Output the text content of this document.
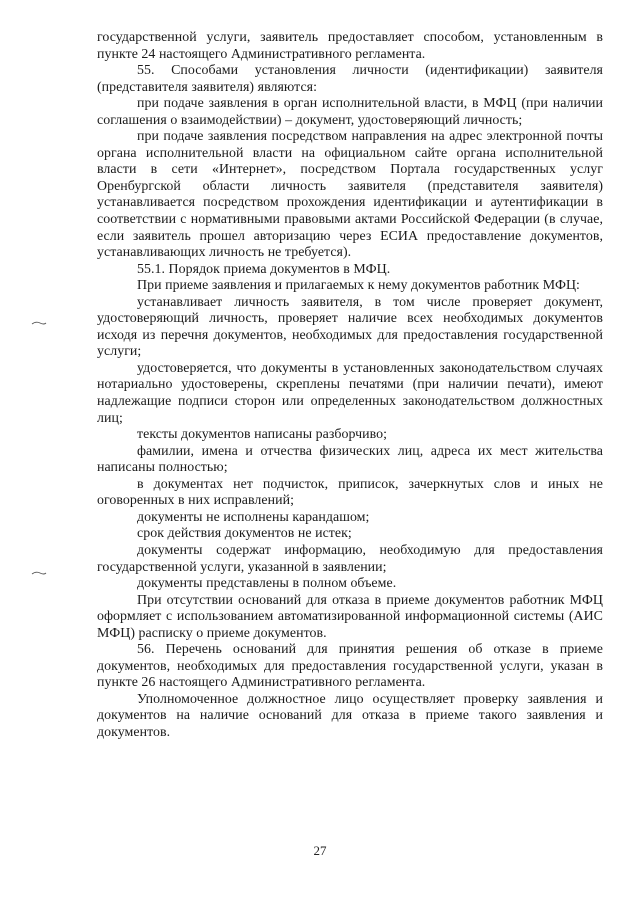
государственной услуги, заявитель предоставляет способом, установленным в пункте 24 настоящего Административного регламента.

55. Способами установления личности (идентификации) заявителя (представителя заявителя) являются:

при подаче заявления в орган исполнительной власти, в МФЦ (при наличии соглашения о взаимодействии) – документ, удостоверяющий личность;

при подаче заявления посредством направления на адрес электронной почты органа исполнительной власти на официальном сайте органа исполнительной власти в сети «Интернет», посредством Портала государственных услуг Оренбургской области личность заявителя (представителя заявителя) устанавливается посредством прохождения идентификации и аутентификации в соответствии с нормативными правовыми актами Российской Федерации (в случае, если заявитель прошел авторизацию через ЕСИА предоставление документов, устанавливающих личность не требуется).

55.1. Порядок приема документов в МФЦ.

При приеме заявления и прилагаемых к нему документов работник МФЦ:

устанавливает личность заявителя, в том числе проверяет документ, удостоверяющий личность, проверяет наличие всех необходимых документов исходя из перечня документов, необходимых для предоставления государственной услуги;

удостоверяется, что документы в установленных законодательством случаях нотариально удостоверены, скреплены печатями (при наличии печати), имеют надлежащие подписи сторон или определенных законодательством должностных лиц;

тексты документов написаны разборчиво;

фамилии, имена и отчества физических лиц, адреса их мест жительства написаны полностью;

в документах нет подчисток, приписок, зачеркнутых слов и иных не оговоренных в них исправлений;

документы не исполнены карандашом;

срок действия документов не истек;

документы содержат информацию, необходимую для предоставления государственной услуги, указанной в заявлении;

документы представлены в полном объеме.

При отсутствии оснований для отказа в приеме документов работник МФЦ оформляет с использованием автоматизированной информационной системы (АИС МФЦ) расписку о приеме документов.

56. Перечень оснований для принятия решения об отказе в приеме документов, необходимых для предоставления государственной услуги, указан в пункте 26 настоящего Административного регламента.

Уполномоченное должностное лицо осуществляет проверку заявления и документов на наличие оснований для отказа в приеме такого заявления и документов.

27
